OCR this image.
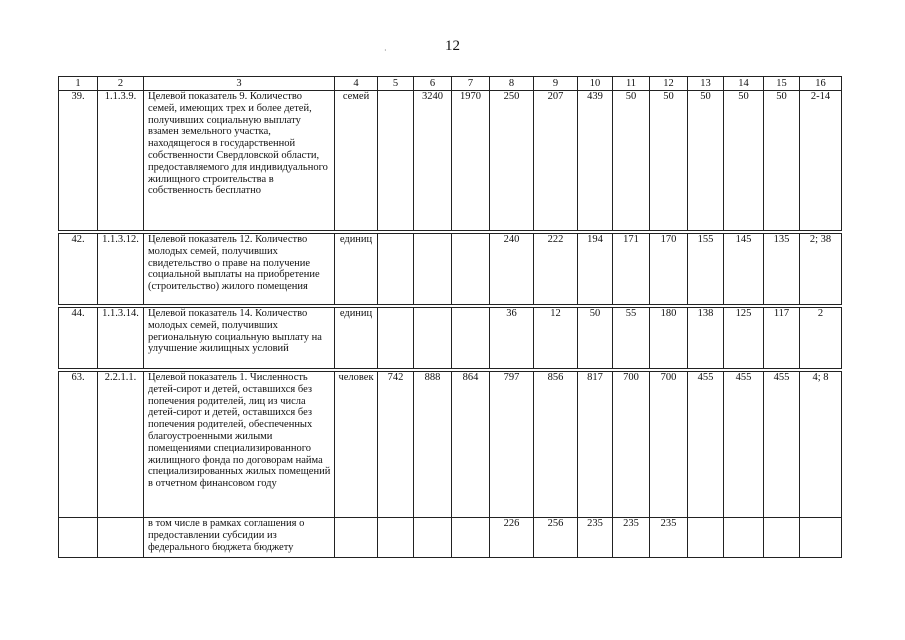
12
·
1	2	3	4	5	6	7	8	9	10	11	12	13	14	15	16
39.	1.1.3.9.	Целевой показатель 9. Количество семей, имеющих трех и более детей, получивших социальную выплату взамен земельного участка, находящегося в государственной собственности Свердловской области, предоставляемого для индивидуального жилищного строительства в собственность бесплатно	семей		3240	1970	250	207	439	50	50	50	50	50	2-14

42.	1.1.3.12.	Целевой показатель 12. Количество молодых семей, получивших свидетельство о праве на получение социальной выплаты на приобретение (строительство) жилого помещения	единиц				240	222	194	171	170	155	145	135	2; 38

44.	1.1.3.14.	Целевой показатель 14. Количество молодых семей, получивших региональную социальную выплату на улучшение жилищных условий	единиц				36	12	50	55	180	138	125	117	2

63.	2.2.1.1.	Целевой показатель 1. Численность детей-сирот и детей, оставшихся без попечения родителей, лиц из числа детей-сирот и детей, оставшихся без попечения родителей, обеспеченных благоустроенными жилыми помещениями специализированного жилищного фонда по договорам найма специализированных жилых помещений в отчетном финансовом году	человек	742	888	864	797	856	817	700	700	455	455	455	4; 8
		в том числе в рамках соглашения о предоставлении субсидии из федерального бюджета бюджету					226	256	235	235	235				
